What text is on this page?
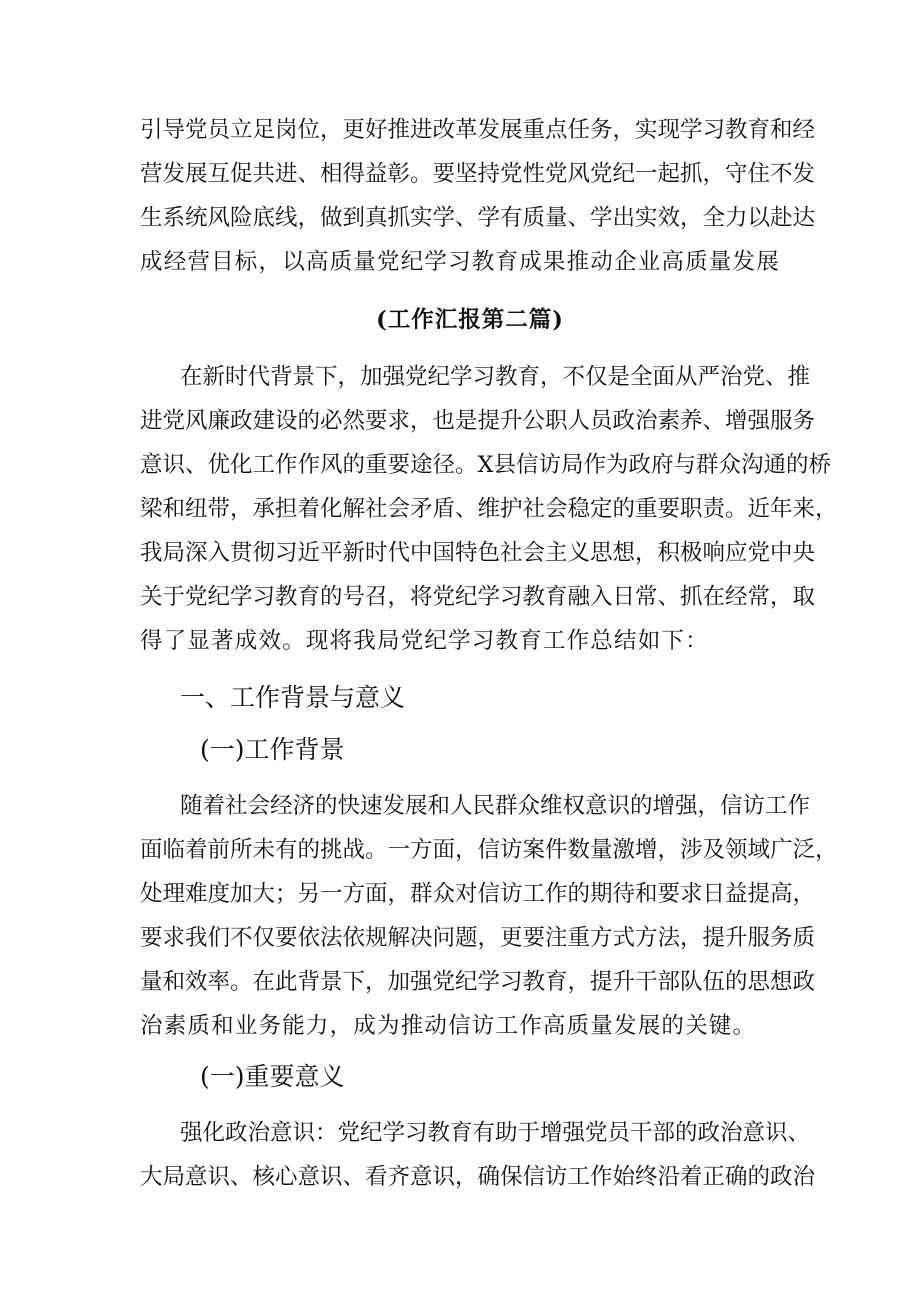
引导党员立足岗位，更好推进改革发展重点任务，实现学习教育和经
营发展互促共进、相得益彰。要坚持党性党风党纪一起抓，守住不发
生系统风险底线，做到真抓实学、学有质量、学出实效，全力以赴达
成经营目标，以高质量党纪学习教育成果推动企业高质量发展
(工作汇报第二篇)
在新时代背景下，加强党纪学习教育，不仅是全面从严治党、推
进党风廉政建设的必然要求，也是提升公职人员政治素养、增强服务
意识、优化工作作风的重要途径。X县信访局作为政府与群众沟通的桥
梁和纽带，承担着化解社会矛盾、维护社会稳定的重要职责。近年来，
我局深入贯彻习近平新时代中国特色社会主义思想，积极响应党中央
关于党纪学习教育的号召，将党纪学习教育融入日常、抓在经常，取
得了显著成效。现将我局党纪学习教育工作总结如下：
一、工作背景与意义
(一)工作背景
随着社会经济的快速发展和人民群众维权意识的增强，信访工作
面临着前所未有的挑战。一方面，信访案件数量激增，涉及领域广泛，
处理难度加大；另一方面，群众对信访工作的期待和要求日益提高，
要求我们不仅要依法依规解决问题，更要注重方式方法，提升服务质
量和效率。在此背景下，加强党纪学习教育，提升干部队伍的思想政
治素质和业务能力，成为推动信访工作高质量发展的关键。
(一)重要意义
强化政治意识：党纪学习教育有助于增强党员干部的政治意识、
大局意识、核心意识、看齐意识，确保信访工作始终沿着正确的政治
